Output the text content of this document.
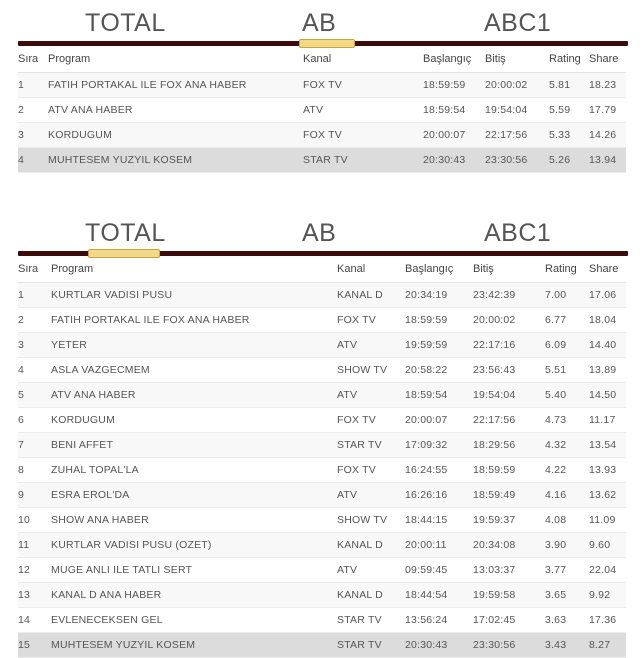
TOTAL	AB	ABC1
Sıra	Program	Kanal	Başlangıç	Bitiş	Rating	Share
1	FATIH PORTAKAL ILE FOX ANA HABER	FOX TV	18:59:59	20:00:02	5.81	18.23
2	ATV ANA HABER	ATV	18:59:54	19:54:04	5.59	17.79
3	KORDUGUM	FOX TV	20:00:07	22:17:56	5.33	14.26
4	MUHTESEM YUZYIL KOSEM	STAR TV	20:30:43	23:30:56	5.26	13.94
TOTAL	AB	ABC1
Sıra	Program	Kanal	Başlangıç	Bitiş	Rating	Share
1	KURTLAR VADISI PUSU	KANAL D	20:34:19	23:42:39	7.00	17.06
2	FATIH PORTAKAL ILE FOX ANA HABER	FOX TV	18:59:59	20:00:02	6.77	18.04
3	YETER	ATV	19:59:59	22:17:16	6.09	14.40
4	ASLA VAZGECMEM	SHOW TV	20:58:22	23:56:43	5.51	13.89
5	ATV ANA HABER	ATV	18:59:54	19:54:04	5.40	14.50
6	KORDUGUM	FOX TV	20:00:07	22:17:56	4.73	11.17
7	BENI AFFET	STAR TV	17:09:32	18:29:56	4.32	13.54
8	ZUHAL TOPAL'LA	FOX TV	16:24:55	18:59:59	4.22	13.93
9	ESRA EROL'DA	ATV	16:26:16	18:59:49	4.16	13.62
10	SHOW ANA HABER	SHOW TV	18:44:15	19:59:37	4.08	11.09
11	KURTLAR VADISI PUSU (OZET)	KANAL D	20:00:11	20:34:08	3.90	9.60
12	MUGE ANLI ILE TATLI SERT	ATV	09:59:45	13:03:37	3.77	22.04
13	KANAL D ANA HABER	KANAL D	18:44:54	19:59:58	3.65	9.92
14	EVLENECEKSEN GEL	STAR TV	13:56:24	17:02:45	3.63	17.36
15	MUHTESEM YUZYIL KOSEM	STAR TV	20:30:43	23:30:56	3.43	8.27
